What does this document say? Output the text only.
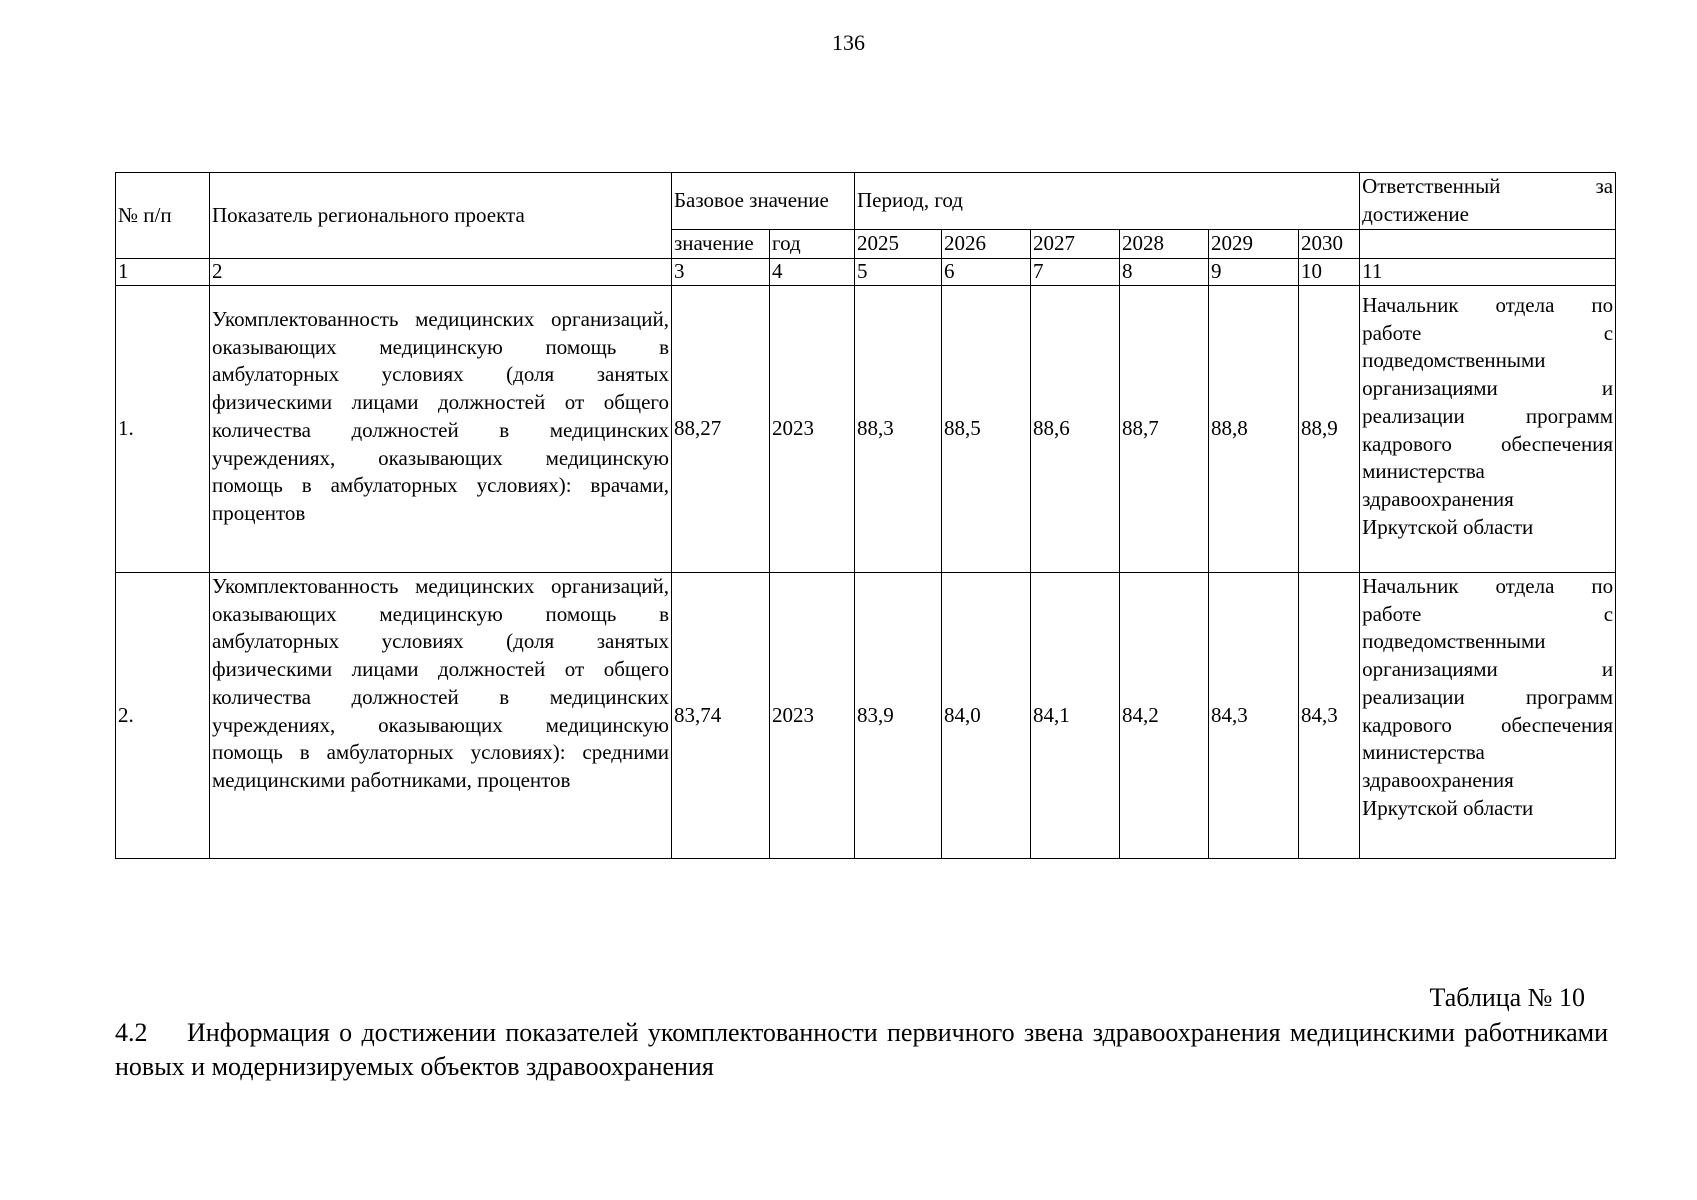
136
№ п/п	Показатель регионального проекта	Базовое значение		Период, год						Ответственный за
достижение

		значение	год	2025	2026	2027	2028	2029	2030	
1	2	3	4	5	6	7	8	9	10	11
1.	Укомплектованность медицинских организаций, оказывающих медицинскую помощь в амбулаторных условиях (доля занятых физическими лицами должностей от общего количества должностей в медицинских учреждениях, оказывающих медицинскую помощь в амбулаторных условиях): врачами, процентов	88,27	2023	88,3	88,5	88,6	88,7	88,8	88,9	Начальник отдела по работе с подведомственными организациями и реализации программ кадрового обеспечения министерства здравоохранения Иркутской области

2.	Укомплектованность медицинских организаций, оказывающих медицинскую помощь в амбулаторных условиях (доля занятых физическими лицами должностей от общего количества должностей в медицинских учреждениях, оказывающих медицинскую помощь в амбулаторных условиях): средними медицинскими работниками, процентов	83,74	2023	83,9	84,0	84,1	84,2	84,3	84,3	Начальник отдела по работе с подведомственными организациями и реализации программ кадрового обеспечения министерства здравоохранения Иркутской области
Таблица № 10
4.2 Информация о достижении показателей укомплектованности первичного звена здравоохранения медицинскими работниками новых и модернизируемых объектов здравоохранения
